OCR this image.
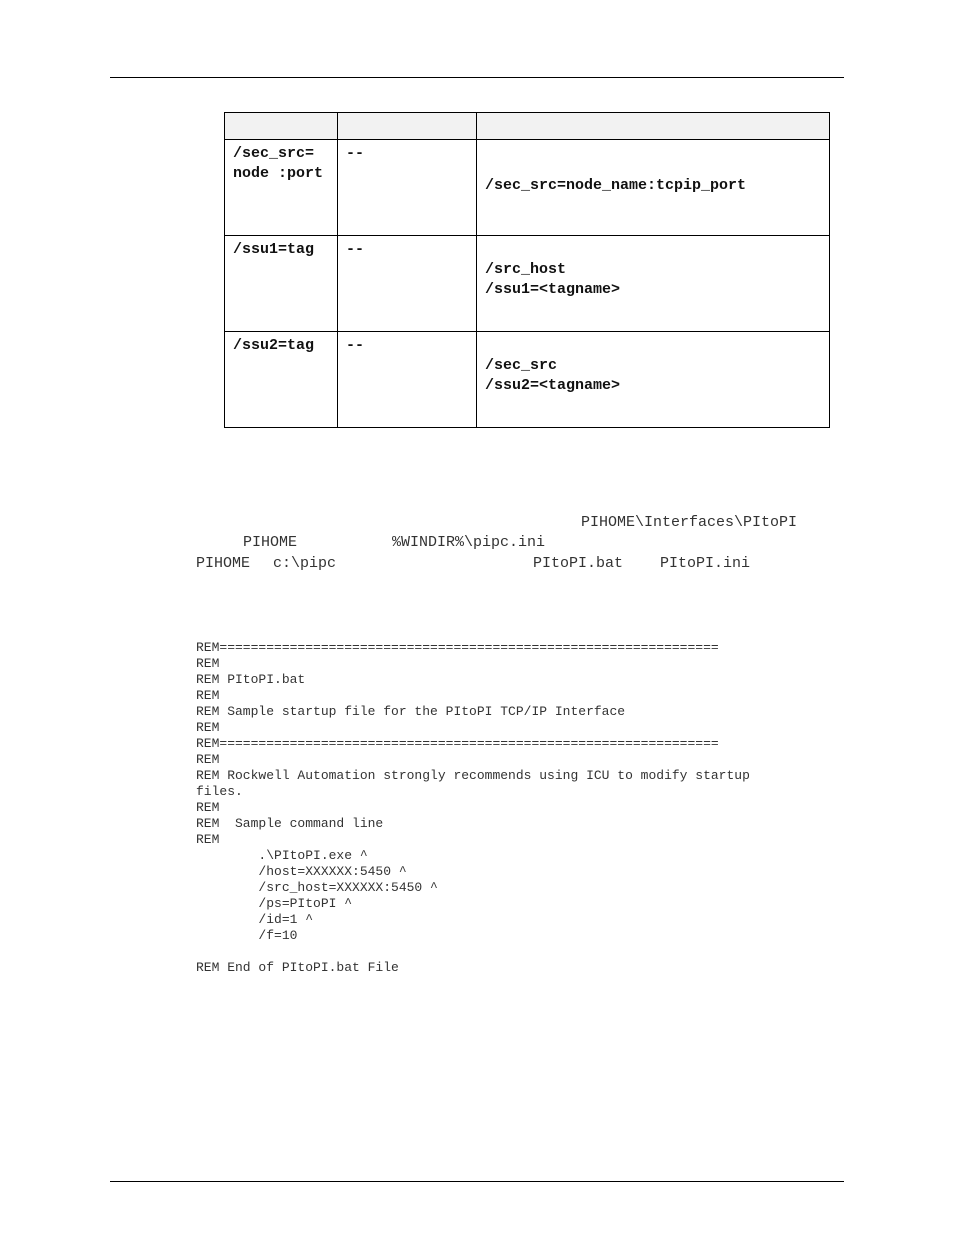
/sec_src=
node :port	--	/sec_src=node_name:tcpip_port

/ssu1=tag	--	/src_host
/ssu1=<tagname>

/ssu2=tag	--	/sec_src
/ssu2=<tagname>
PIHOME\Interfaces\PItoPI
PIHOME	%WINDIR%\pipc.ini
PIHOME c:\pipc	PItoPI.bat PItoPI.ini
REM================================================================
REM
REM PItoPI.bat
REM
REM Sample startup file for the PItoPI TCP/IP Interface
REM
REM================================================================
REM
REM Rockwell Automation strongly recommends using ICU to modify startup
files.
REM
REM  Sample command line
REM
.\PItoPI.exe ^
/host=XXXXXX:5450 ^
/src_host=XXXXXX:5450 ^
/ps=PItoPI ^
/id=1 ^
/f=10
REM End of PItoPI.bat File
